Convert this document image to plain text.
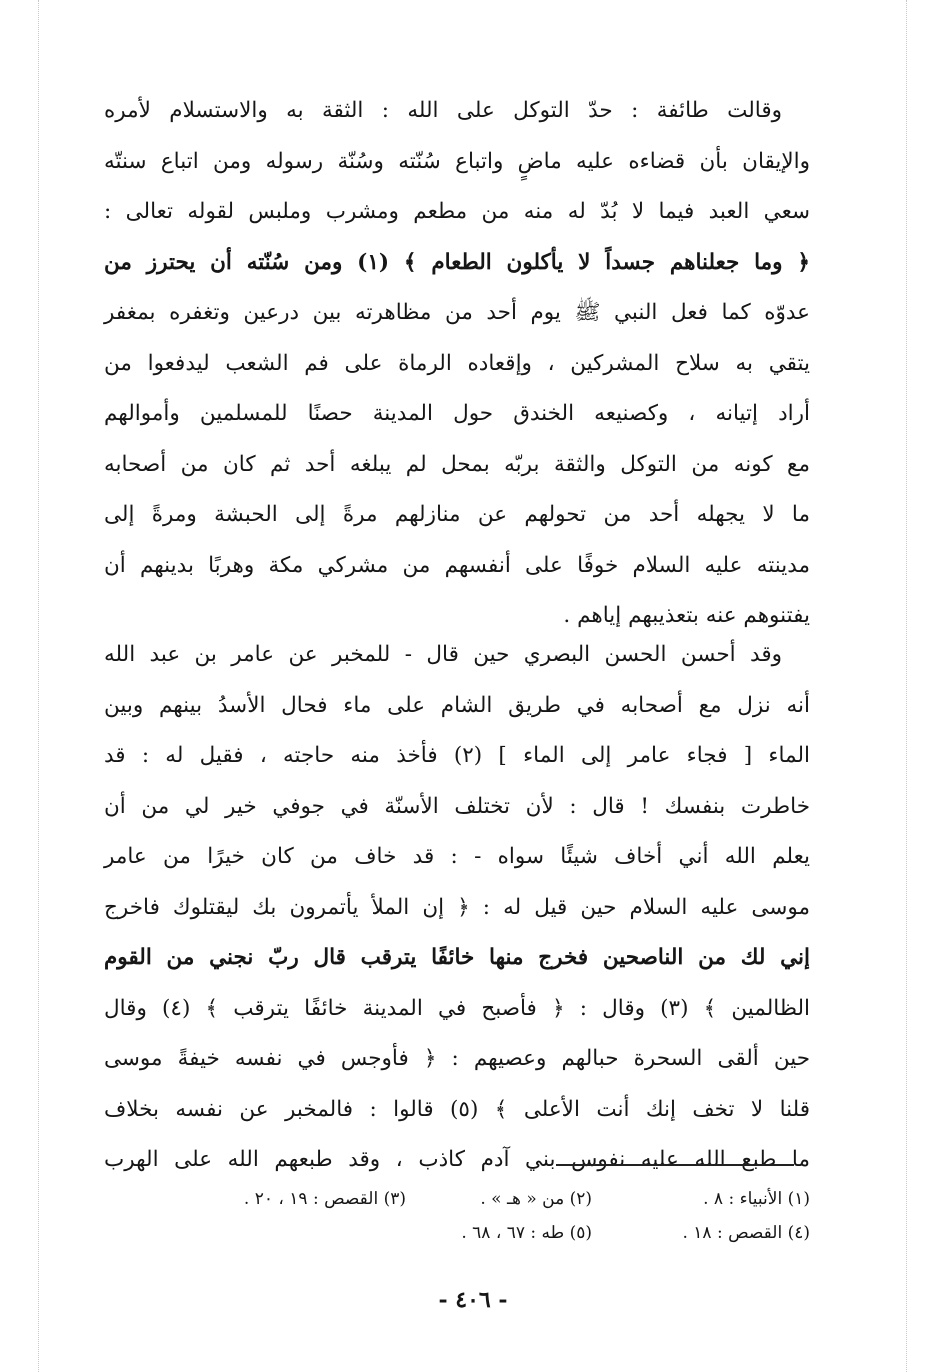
وقالت طائفة : حدّ التوكل على الله : الثقة به والاستسلام لأمره
والإيقان بأن قضاءه عليه ماضٍ واتباع سُنّته وسُنّة رسوله ومن اتباع سنتّه
سعي العبد فيما لا بُدّ له منه من مطعم ومشرب وملبس لقوله تعالى :
﴿ وما جعلناهم جسداً لا يأكلون الطعام ﴾ (١) ومن سُنّته أن يحترز من
عدوّه كما فعل النبي ﷺ يوم أحد من مظاهرته بين درعين وتغفره بمغفر
يتقي به سلاح المشركين ، وإقعاده الرماة على فم الشعب ليدفعوا من
أراد إتيانه ، وكصنيعه الخندق حول المدينة حصنًا للمسلمين وأموالهم
مع كونه من التوكل والثقة بربّه بمحل لم يبلغه أحد ثم كان من أصحابه
ما لا يجهله أحد من تحولهم عن منازلهم مرةً إلى الحبشة ومرةً إلى
مدينته عليه السلام خوفًا على أنفسهم من مشركي مكة وهربًا بدينهم أن
يفتنوهم عنه بتعذيبهم إياهم .
وقد أحسن الحسن البصري حين قال - للمخبر عن عامر بن عبد الله
أنه نزل مع أصحابه في طريق الشام على ماء فحال الأسدُ بينهم وبين
الماء [ فجاء عامر إلى الماء ] (٢) فأخذ منه حاجته ، فقيل له : قد
خاطرت بنفسك ! قال : لأن تختلف الأسنّة في جوفي خير لي من أن
يعلم الله أني أخاف شيئًا سواه - : قد خاف من كان خيرًا من عامر
موسى عليه السلام حين قيل له : ﴿ إن الملأ يأتمرون بك ليقتلوك فاخرج
إني لك من الناصحين فخرج منها خائفًا يترقب قال ربّ نجني من القوم
الظالمين ﴾ (٣) وقال : ﴿ فأصبح في المدينة خائفًا يترقب ﴾ (٤) وقال
حين ألقى السحرة حبالهم وعصيهم : ﴿ فأوجس في نفسه خيفةً موسى
قلنا لا تخف إنك أنت الأعلى ﴾ (٥) قالوا : فالمخبر عن نفسه بخلاف
ما طبع الله عليه نفوس بني آدم كاذب ، وقد طبعهم الله على الهرب
(١) الأنبياء : ٨ .
(٢) من « هـ » .
(٣) القصص : ١٩ ، ٢٠ .
(٤) القصص : ١٨ .
(٥) طه : ٦٧ ، ٦٨ .
- ٤٠٦ -
